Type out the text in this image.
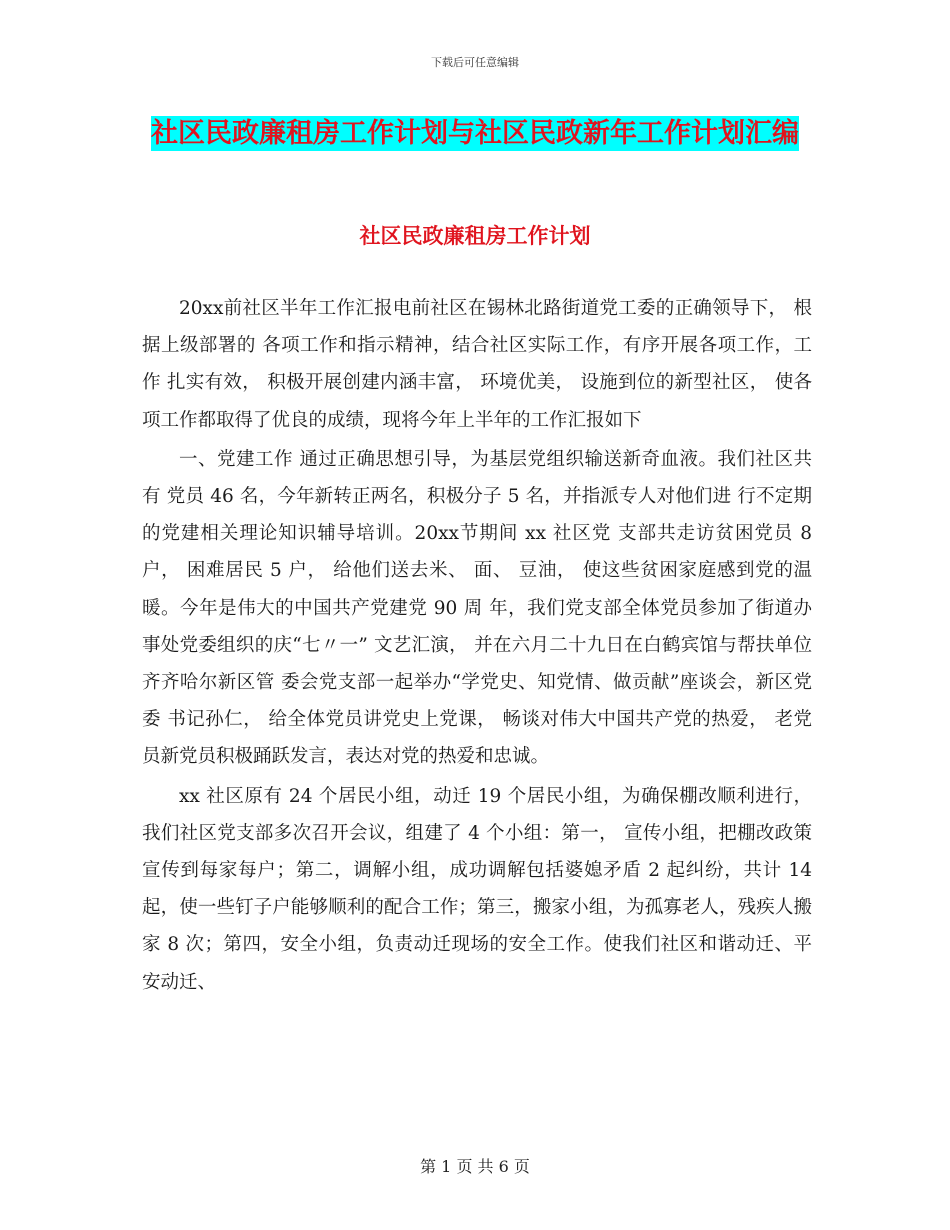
下载后可任意编辑
社区民政廉租房工作计划与社区民政新年工作计划汇编
社区民政廉租房工作计划

20xx前社区半年工作汇报电前社区在锡林北路街道党工委的正确领导下， 根据上级部署的 各项工作和指示精神，结合社区实际工作，有序开展各项工作，工作 扎实有效， 积极开展创建内涵丰富， 环境优美， 设施到位的新型社区， 使各项工作都取得了优良的成绩，现将今年上半年的工作汇报如下

一、党建工作 通过正确思想引导，为基层党组织输送新奇血液。我们社区共有 党员 46 名，今年新转正两名，积极分子 5 名，并指派专人对他们进 行不定期的党建相关理论知识辅导培训。20xx节期间 xx 社区党 支部共走访贫困党员 8 户， 困难居民 5 户， 给他们送去米、 面、 豆油， 使这些贫困家庭感到党的温暖。今年是伟大的中国共产党建党 90 周 年，我们党支部全体党员参加了街道办事处党委组织的庆“七〃一” 文艺汇演， 并在六月二十九日在白鹤宾馆与帮扶单位齐齐哈尔新区管 委会党支部一起举办“学党史、知党情、做贡献”座谈会，新区党委 书记孙仁， 给全体党员讲党史上党课， 畅谈对伟大中国共产党的热爱， 老党员新党员积极踊跃发言，表达对党的热爱和忠诚。

xx 社区原有 24 个居民小组，动迁 19 个居民小组，为确保棚改顺利进行， 我们社区党支部多次召开会议，组建了 4 个小组：第一， 宣传小组，把棚改政策宣传到每家每户；第二，调解小组，成功调解包括婆媳矛盾 2 起纠纷，共计 14 起，使一些钉子户能够顺利的配合工作；第三，搬家小组，为孤寡老人，残疾人搬家 8 次；第四，安全小组，负责动迁现场的安全工作。使我们社区和谐动迁、平安动迁、

第 1 页 共 6 页
